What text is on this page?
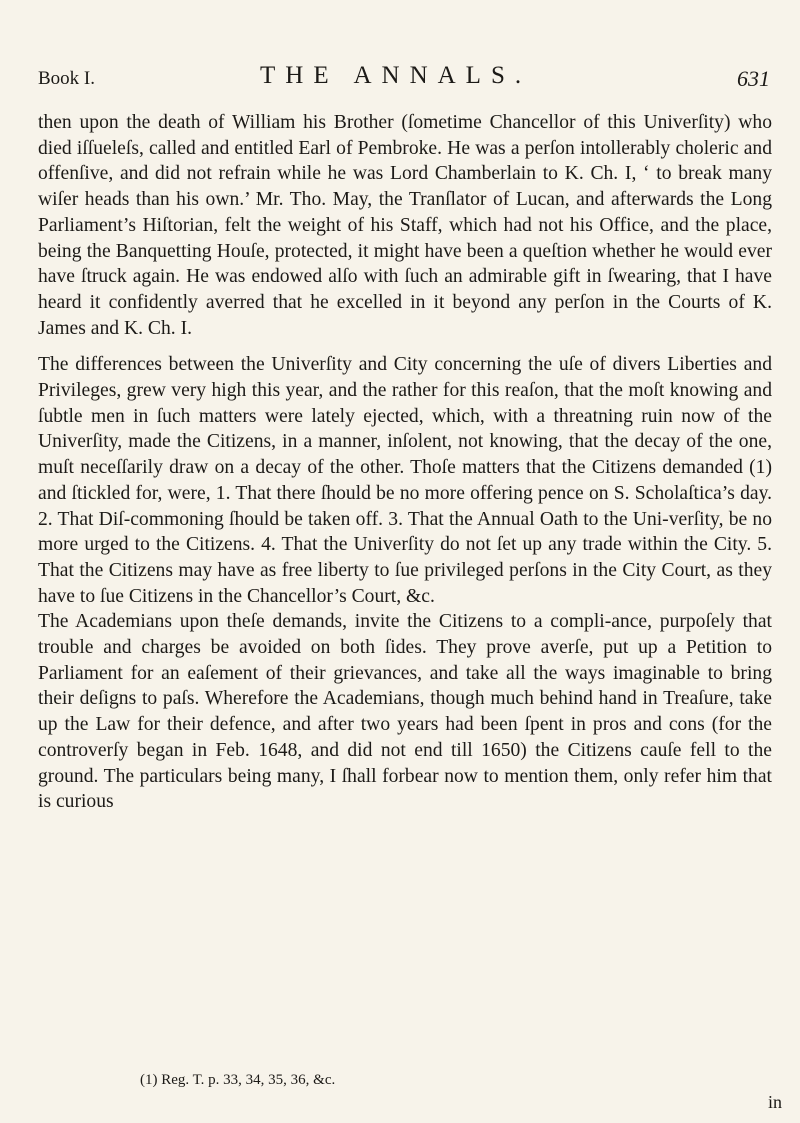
Book I.	THE ANNALS.	631

then upon the death of William his Brother (ſometime Chancellor of this Univerſity) who died iſſueleſs, called and entitled Earl of Pembroke. He was a perſon intollerably choleric and offenſive, and did not refrain while he was Lord Chamberlain to K. Ch. I, ‘ to break many wiſer heads than his own.’ Mr. Tho. May, the Tranſlator of Lucan, and afterwards the Long Parliament’s Hiſtorian, felt the weight of his Staff, which had not his Office, and the place, being the Banquetting Houſe, protected, it might have been a queſtion whether he would ever have ſtruck again. He was endowed alſo with ſuch an admirable gift in ſwearing, that I have heard it confidently averred that he excelled in it beyond any perſon in the Courts of K. James and K. Ch. I.

The differences between the Univerſity and City concerning the uſe of divers Liberties and Privileges, grew very high this year, and the rather for this reaſon, that the moſt knowing and ſubtle men in ſuch matters were lately ejected, which, with a threatning ruin now of the Univerſity, made the Citizens, in a manner, inſolent, not knowing, that the decay of the one, muſt neceſſarily draw on a decay of the other. Thoſe matters that the Citizens demanded (1) and ſtickled for, were, 1. That there ſhould be no more offering pence on S. Scholaſtica’s day. 2. That Diſ-commoning ſhould be taken off. 3. That the Annual Oath to the Uni-verſity, be no more urged to the Citizens. 4. That the Univerſity do not ſet up any trade within the City. 5. That the Citizens may have as free liberty to ſue privileged perſons in the City Court, as they have to ſue Citizens in the Chancellor’s Court, &c.

The Academians upon theſe demands, invite the Citizens to a compli-ance, purpoſely that trouble and charges be avoided on both ſides. They prove averſe, put up a Petition to Parliament for an eaſement of their grievances, and take all the ways imaginable to bring their deſigns to paſs. Wherefore the Academians, though much behind hand in Treaſure, take up the Law for their defence, and after two years had been ſpent in pros and cons (for the controverſy began in Feb. 1648, and did not end till 1650) the Citizens cauſe fell to the ground. The particulars being many, I ſhall forbear now to mention them, only refer him that is curious

(1) Reg. T. p. 33, 34, 35, 36, &c.
in
